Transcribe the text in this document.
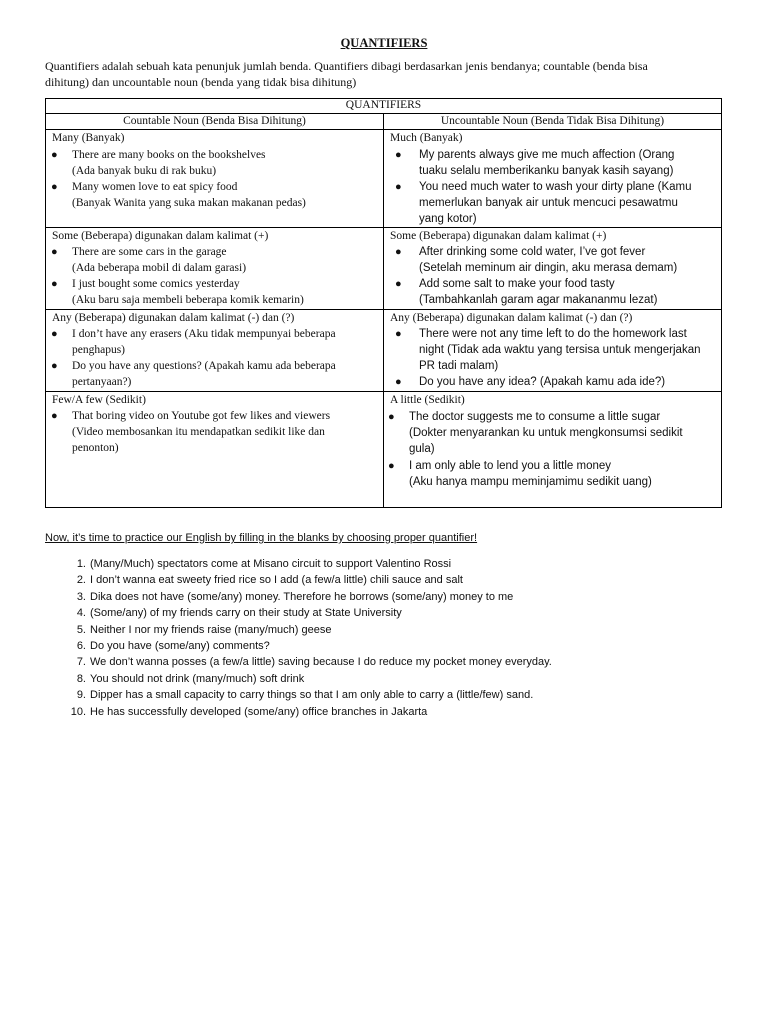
QUANTIFIERS
Quantifiers adalah sebuah kata penunjuk jumlah benda. Quantifiers dibagi berdasarkan jenis bendanya; countable (benda bisa
dihitung) dan uncountable noun (benda yang tidak bisa dihitung)
QUANTIFIERS
Countable Noun (Benda Bisa Dihitung)	Uncountable Noun (Benda Tidak Bisa Dihitung)
Many (Banyak)
● There are many books on the bookshelves
(Ada banyak buku di rak buku)
● Many women love to eat spicy food
(Banyak Wanita yang suka makan makanan pedas)
Much (Banyak)
● My parents always give me much affection (Orang
tuaku selalu memberikanku banyak kasih sayang)
● You need much water to wash your dirty plane (Kamu
memerlukan banyak air untuk mencuci pesawatmu
yang kotor)
Some (Beberapa) digunakan dalam kalimat (+)
● There are some cars in the garage
(Ada beberapa mobil di dalam garasi)
● I just bought some comics yesterday
(Aku baru saja membeli beberapa komik kemarin)
Some (Beberapa) digunakan dalam kalimat (+)
● After drinking some cold water, I’ve got fever
(Setelah meminum air dingin, aku merasa demam)
● Add some salt to make your food tasty
(Tambahkanlah garam agar makananmu lezat)
Any (Beberapa) digunakan dalam kalimat (-) dan (?)
● I don’t have any erasers (Aku tidak mempunyai beberapa
penghapus)
● Do you have any questions? (Apakah kamu ada beberapa
pertanyaan?)
Any (Beberapa) digunakan dalam kalimat (-) dan (?)
● There were not any time left to do the homework last
night (Tidak ada waktu yang tersisa untuk mengerjakan
PR tadi malam)
● Do you have any idea? (Apakah kamu ada ide?)
Few/A few (Sedikit)
● That boring video on Youtube got few likes and viewers
(Video membosankan itu mendapatkan sedikit like dan
penonton)
A little (Sedikit)
● The doctor suggests me to consume a little sugar
(Dokter menyarankan ku untuk mengkonsumsi sedikit
gula)
● I am only able to lend you a little money
(Aku hanya mampu meminjamimu sedikit uang)
Now, it’s time to practice our English by filling in the blanks by choosing proper quantifier!
1. (Many/Much) spectators come at Misano circuit to support Valentino Rossi
2. I don’t wanna eat sweety fried rice so I add (a few/a little) chili sauce and salt
3. Dika does not have (some/any) money. Therefore he borrows (some/any) money to me
4. (Some/any) of my friends carry on their study at State University
5. Neither I nor my friends raise (many/much) geese
6. Do you have (some/any) comments?
7. We don’t wanna posses (a few/a little) saving because I do reduce my pocket money everyday.
8. You should not drink (many/much) soft drink
9. Dipper has a small capacity to carry things so that I am only able to carry a (little/few) sand.
10. He has successfully developed (some/any) office branches in Jakarta
